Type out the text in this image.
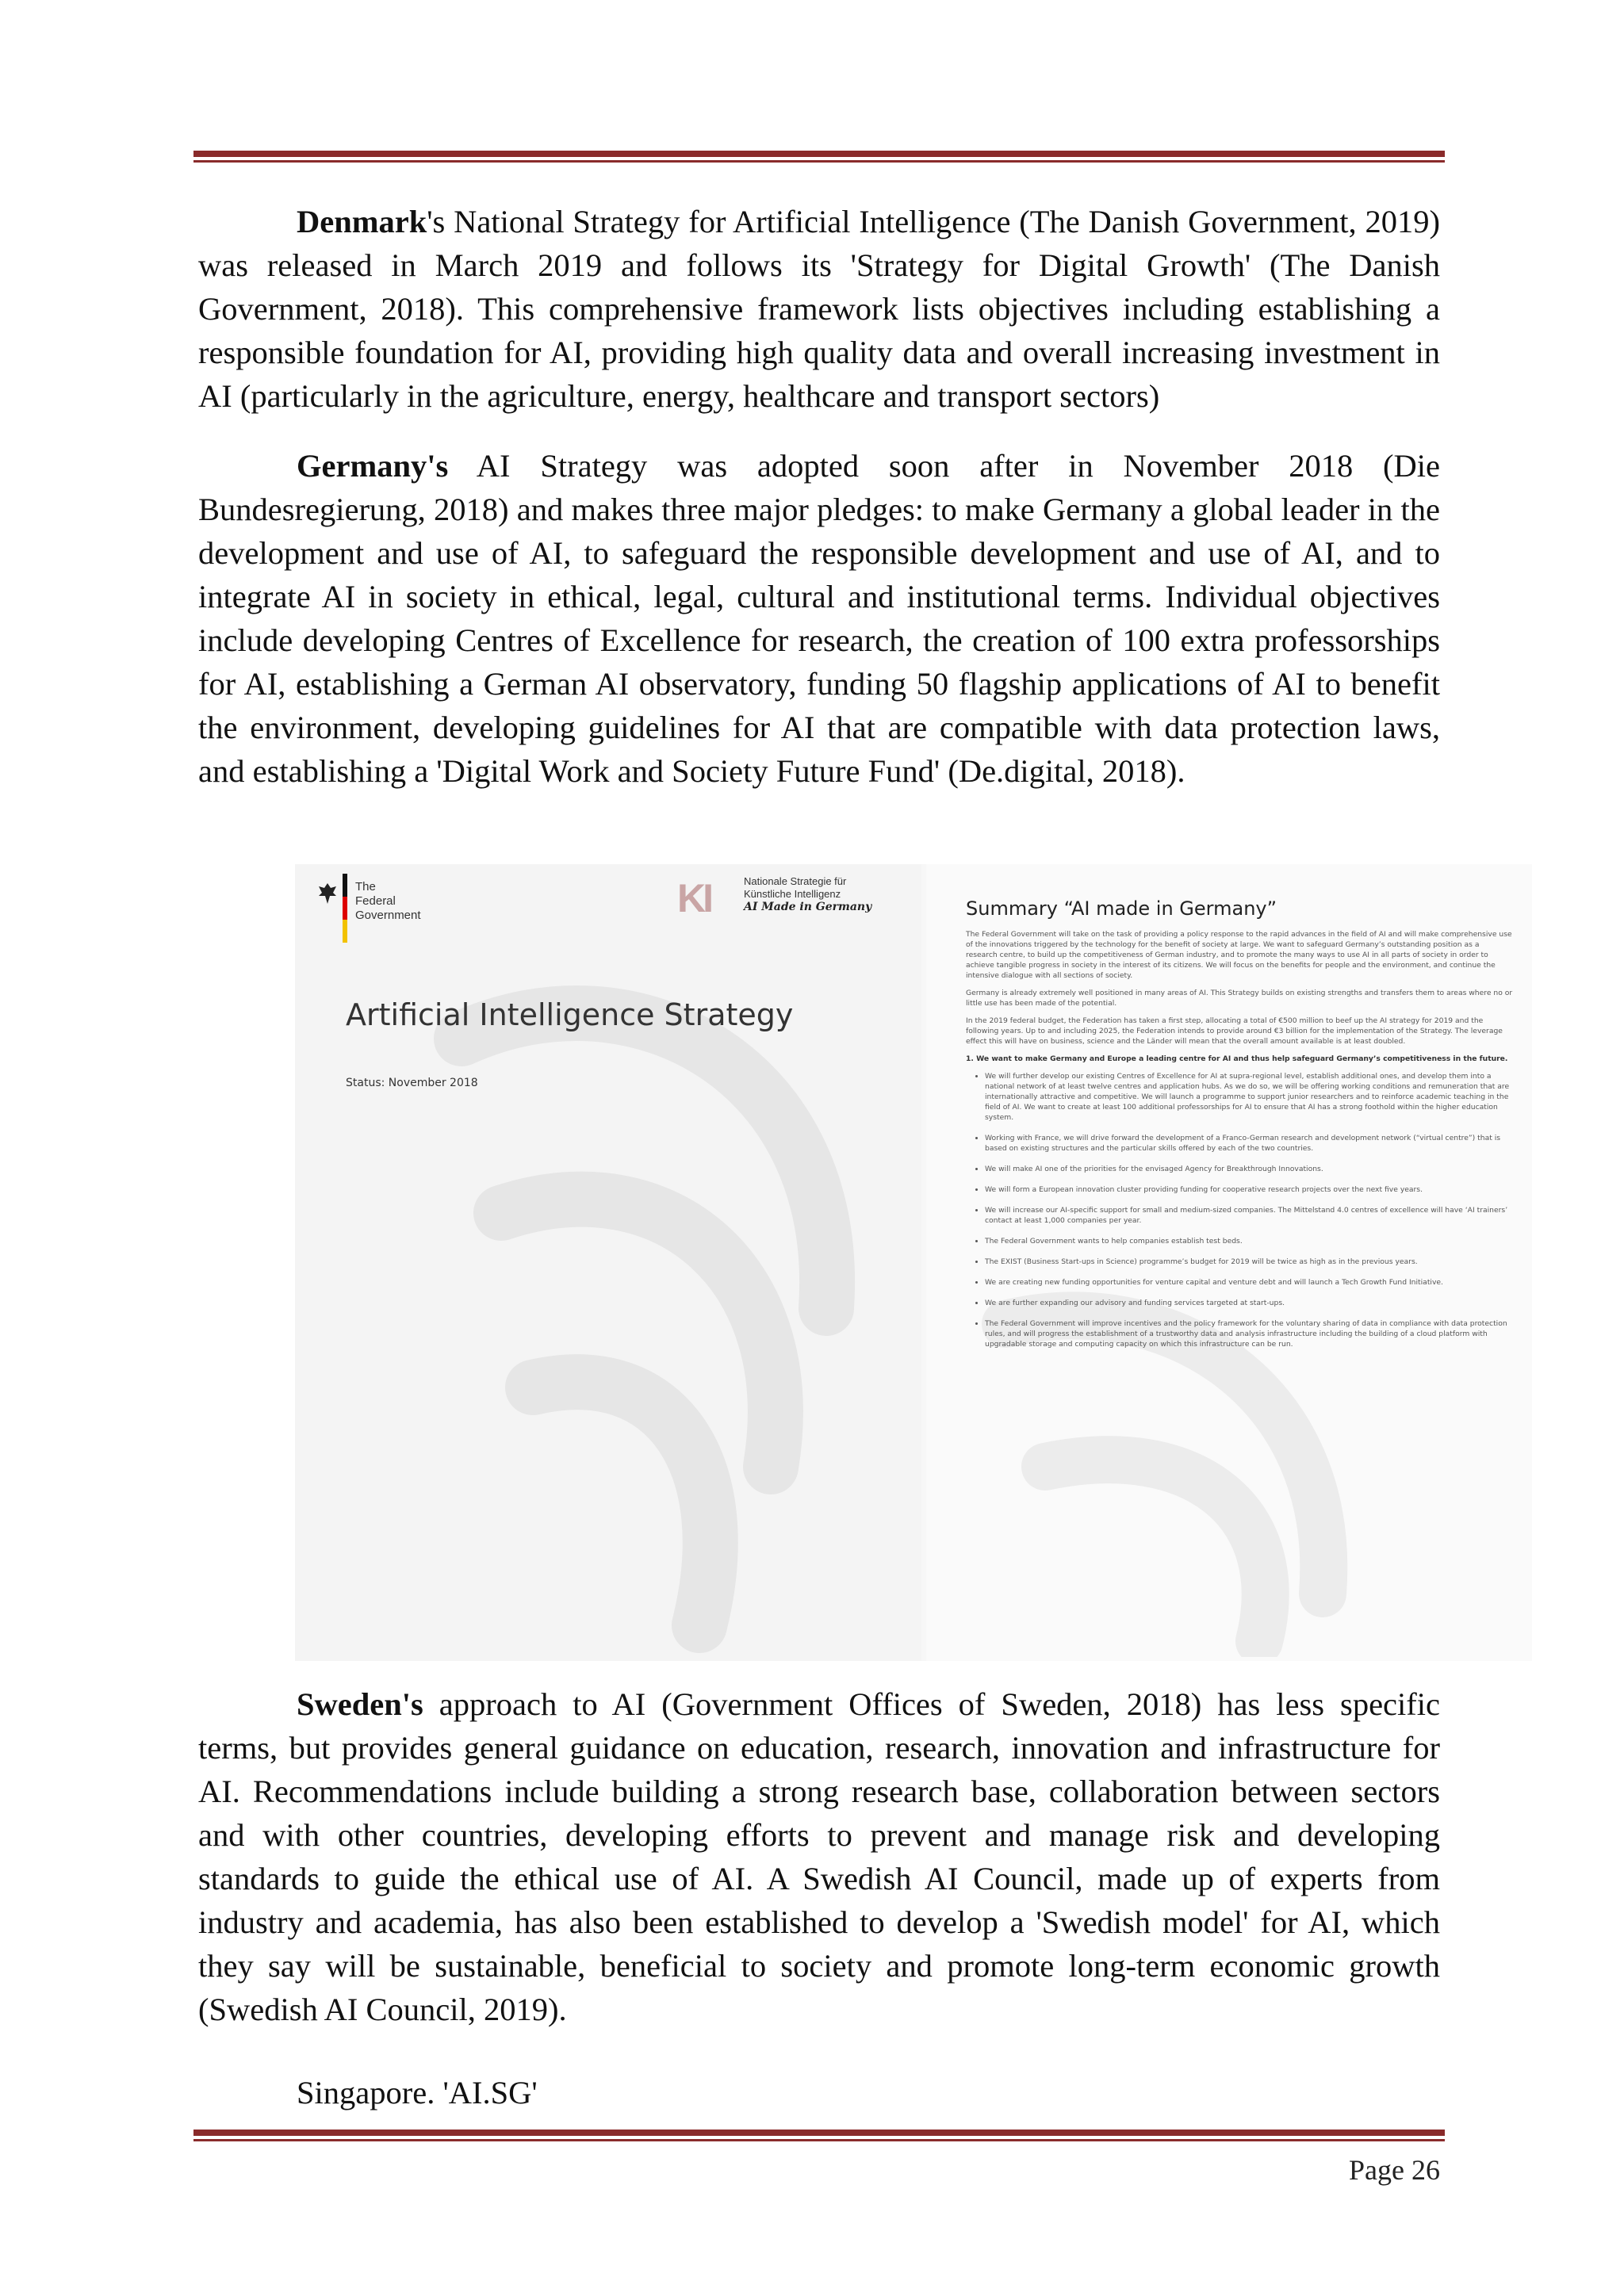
Denmark's National Strategy for Artificial Intelligence (The Danish Government, 2019) was released in March 2019 and follows its 'Strategy for Digital Growth' (The Danish Government, 2018). This comprehensive framework lists objectives including establishing a responsible foundation for AI, providing high quality data and overall increasing investment in AI (particularly in the agriculture, energy, healthcare and transport sectors)

Germany's AI Strategy was adopted soon after in November 2018 (Die Bundesregierung, 2018) and makes three major pledges: to make Germany a global leader in the development and use of AI, to safeguard the responsible development and use of AI, and to integrate AI in society in ethical, legal, cultural and institutional terms. Individual objectives include developing Centres of Excellence for research, the creation of 100 extra professorships for AI, establishing a German AI observatory, funding 50 flagship applications of AI to benefit the environment, developing guidelines for AI that are compatible with data protection laws, and establishing a 'Digital Work and Society Future Fund' (De.digital, 2018).

The
Federal Government	KI	Nationale Strategie für
Künstliche Intelligenz
AI Made in Germany
Artificial Intelligence Strategy
Status: November 2018
Summary “AI made in Germany”

The Federal Government will take on the task of providing a policy response to the rapid advances in the field of AI and will make comprehensive use of the innovations triggered by the technology for the benefit of society at large. We want to safeguard Germany’s outstanding position as a research centre, to build up the competitiveness of German industry, and to promote the many ways to use AI in all parts of society in order to achieve tangible progress in society in the interest of its citizens. We will focus on the benefits for people and the environment, and continue the intensive dialogue with all sections of society.

Germany is already extremely well positioned in many areas of AI. This Strategy builds on existing strengths and transfers them to areas where no or little use has been made of the potential.

In the 2019 federal budget, the Federation has taken a first step, allocating a total of €500 million to beef up the AI strategy for 2019 and the following years. Up to and including 2025, the Federation intends to provide around €3 billion for the implementation of the Strategy. The leverage effect this will have on business, science and the Länder will mean that the overall amount available is at least doubled.

1. We want to make Germany and Europe a leading centre for AI and thus help safeguard Germany’s competitiveness in the future.

• We will further develop our existing Centres of Excellence for AI at supra-regional level, establish additional ones, and develop them into a national network of at least twelve centres and application hubs. As we do so, we will be offering working conditions and remuneration that are internationally attractive and competitive. We will launch a programme to support junior researchers and to reinforce academic teaching in the field of AI. We want to create at least 100 additional professorships for AI to ensure that AI has a strong foothold within the higher education system.
• Working with France, we will drive forward the development of a Franco-German research and development network (“virtual centre”) that is based on existing structures and the particular skills offered by each of the two countries.
• We will make AI one of the priorities for the envisaged Agency for Breakthrough Innovations.
• We will form a European innovation cluster providing funding for cooperative research projects over the next five years.
• We will increase our AI-specific support for small and medium-sized companies. The Mittelstand 4.0 centres of excellence will have ‘AI trainers’ contact at least 1,000 companies per year.
• The Federal Government wants to help companies establish test beds.
• The EXIST (Business Start-ups in Science) programme’s budget for 2019 will be twice as high as in the previous years.
• We are creating new funding opportunities for venture capital and venture debt and will launch a Tech Growth Fund Initiative.
• We are further expanding our advisory and funding services targeted at start-ups.
• The Federal Government will improve incentives and the policy framework for the voluntary sharing of data in compliance with data protection rules, and will progress the establishment of a trustworthy data and analysis infrastructure including the building of a cloud platform with upgradable storage and computing capacity on which this infrastructure can be run.

Sweden's approach to AI (Government Offices of Sweden, 2018) has less specific terms, but provides general guidance on education, research, innovation and infrastructure for AI. Recommendations include building a strong research base, collaboration between sectors and with other countries, developing efforts to prevent and manage risk and developing standards to guide the ethical use of AI. A Swedish AI Council, made up of experts from industry and academia, has also been established to develop a 'Swedish model' for AI, which they say will be sustainable, beneficial to society and promote long-term economic growth (Swedish AI Council, 2019).

Singapore. 'AI.SG'

Page 26
